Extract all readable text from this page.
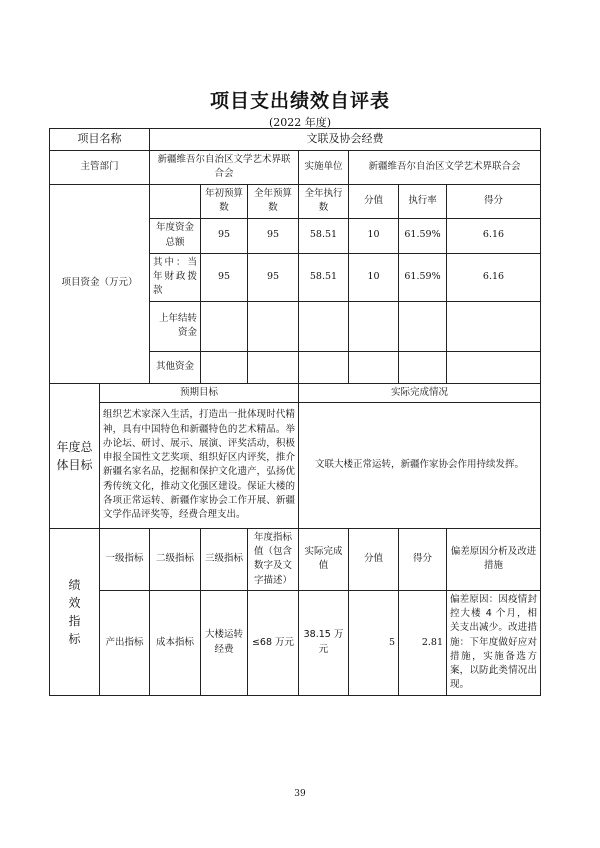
项目支出绩效自评表
(2022 年度)
项目名称		文联及协会经费						
主管部门		新疆维吾尔自治区文学艺术界联合会			实施单位	新疆维吾尔自治区文学艺术界联合会		
项目资金（万元）			年初预算数	全年预算数	全年执行数	分值	执行率	得分
		年度资金总额	95	95	58.51	10	61.59%	6.16
		其中：当年财政拨款	95	95	58.51	10	61.59%	6.16
		上年结转资金						
		其他资金						
年度总体目标	预期目标				实际完成情况			
	组织艺术家深入生活，打造出一批体现时代精神，具有中国特色和新疆特色的艺术精品。举办论坛、研讨、展示、展演、评奖活动，积极申报全国性文艺奖项、组织好区内评奖，推介新疆名家名品，挖掘和保护文化遗产，弘扬优秀传统文化，推动文化强区建设。保证大楼的各项正常运转、新疆作家协会工作开展、新疆文学作品评奖等，经费合理支出。				文联大楼正常运转，新疆作家协会作用持续发挥。			
绩
效
指
标	一级指标	二级指标	三级指标	年度指标值（包含数字及文字描述）	实际完成值	分值	得分	偏差原因分析及改进措施
	产出指标	成本指标	大楼运转经费	≤68 万元	38.15 万元	5	2.81	偏差原因：因疫情封控大楼 4 个月，相关支出减少。改进措施：下年度做好应对措施，实施备选方案，以防此类情况出现。
39
